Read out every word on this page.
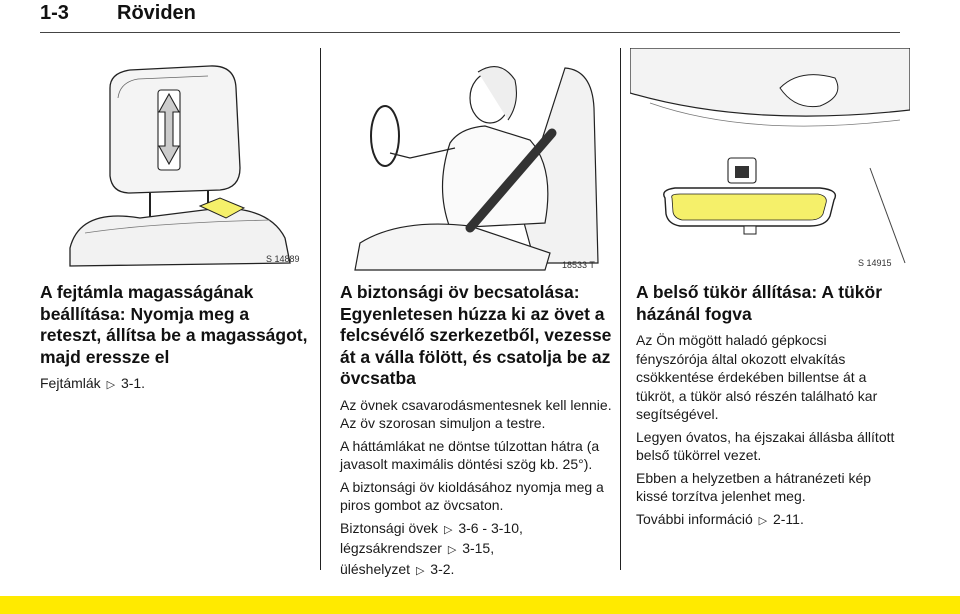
1-3 Röviden
S 14889
18533 T	S 14915
A fejtámla magasságának beállítása: Nyomja meg a reteszt, állítsa be a magasságot, majd eressze el

Fejtámlák ▷ 3-1.

A biztonsági öv becsatolása: Egyenletesen húzza ki az övet a felcsévélő szerkezetből, vezesse át a válla fölött, és csatolja be az övcsatba

Az övnek csavarodásmentesnek kell lennie. Az öv szorosan simuljon a testre.

A háttámlákat ne döntse túlzottan hátra (a javasolt maximális döntési szög kb. 25°).

A biztonsági öv kioldásához nyomja meg a piros gombot az övcsaton.

Biztonsági övek ▷ 3-6 - 3-10,
légzsákrendszer ▷ 3-15,
üléshelyzet ▷ 3-2.

A belső tükör állítása: A tükör házánál fogva

Az Ön mögött haladó gépkocsi fényszórója által okozott elvakítás csökkentése érdekében billentse át a tükröt, a tükör alsó részén található kar segítségével.

Legyen óvatos, ha éjszakai állásba állított belső tükörrel vezet.

Ebben a helyzetben a hátranézeti kép kissé torzítva jelenhet meg.

További információ ▷ 2-11.
